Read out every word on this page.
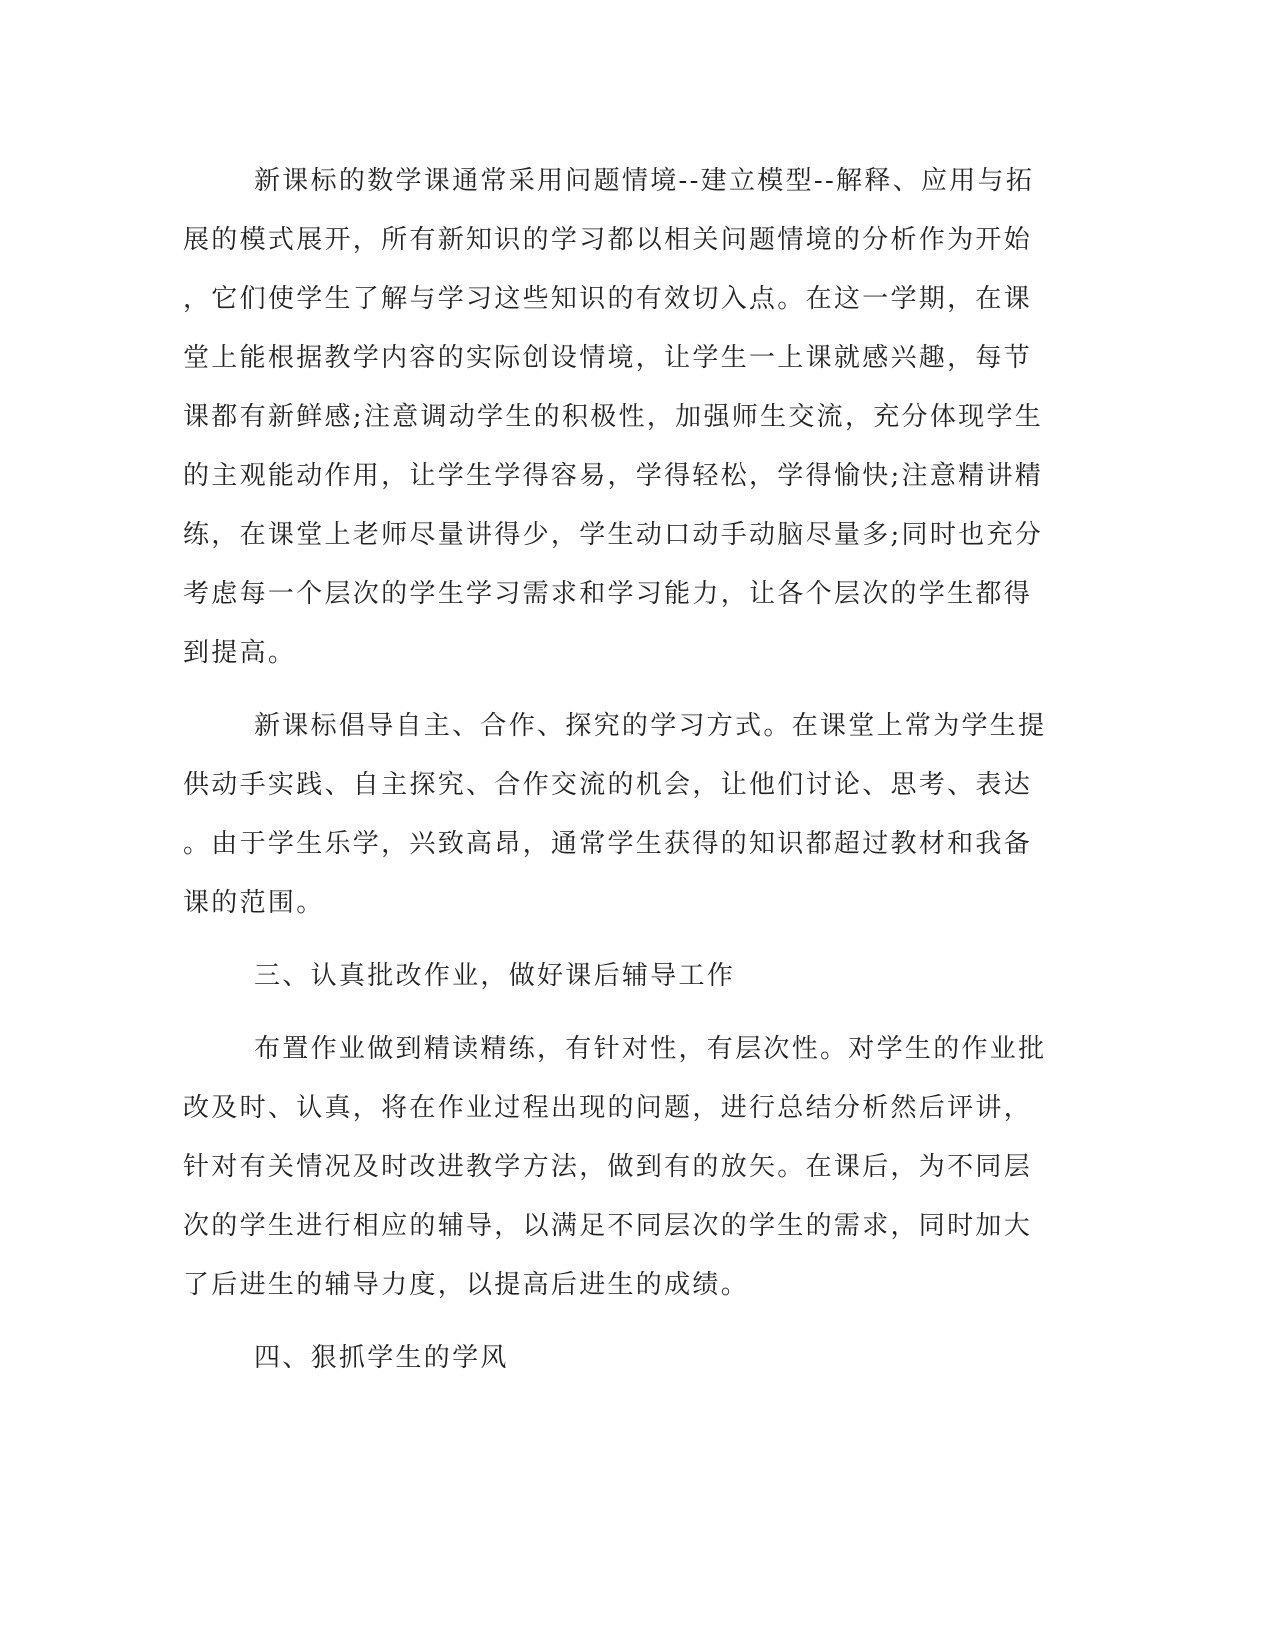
新课标的数学课通常采用问题情境--建立模型--解释、应用与拓

展的模式展开，所有新知识的学习都以相关问题情境的分析作为开始

，它们使学生了解与学习这些知识的有效切入点。在这一学期，在课

堂上能根据教学内容的实际创设情境，让学生一上课就感兴趣，每节

课都有新鲜感;注意调动学生的积极性，加强师生交流，充分体现学生

的主观能动作用，让学生学得容易，学得轻松，学得愉快;注意精讲精

练，在课堂上老师尽量讲得少，学生动口动手动脑尽量多;同时也充分

考虑每一个层次的学生学习需求和学习能力，让各个层次的学生都得

到提高。

新课标倡导自主、合作、探究的学习方式。在课堂上常为学生提

供动手实践、自主探究、合作交流的机会，让他们讨论、思考、表达

。由于学生乐学，兴致高昂，通常学生获得的知识都超过教材和我备

课的范围。

三、认真批改作业，做好课后辅导工作

布置作业做到精读精练，有针对性，有层次性。对学生的作业批

改及时、认真，将在作业过程出现的问题，进行总结分析然后评讲，

针对有关情况及时改进教学方法，做到有的放矢。在课后，为不同层

次的学生进行相应的辅导，以满足不同层次的学生的需求，同时加大

了后进生的辅导力度，以提高后进生的成绩。

四、狠抓学生的学风
